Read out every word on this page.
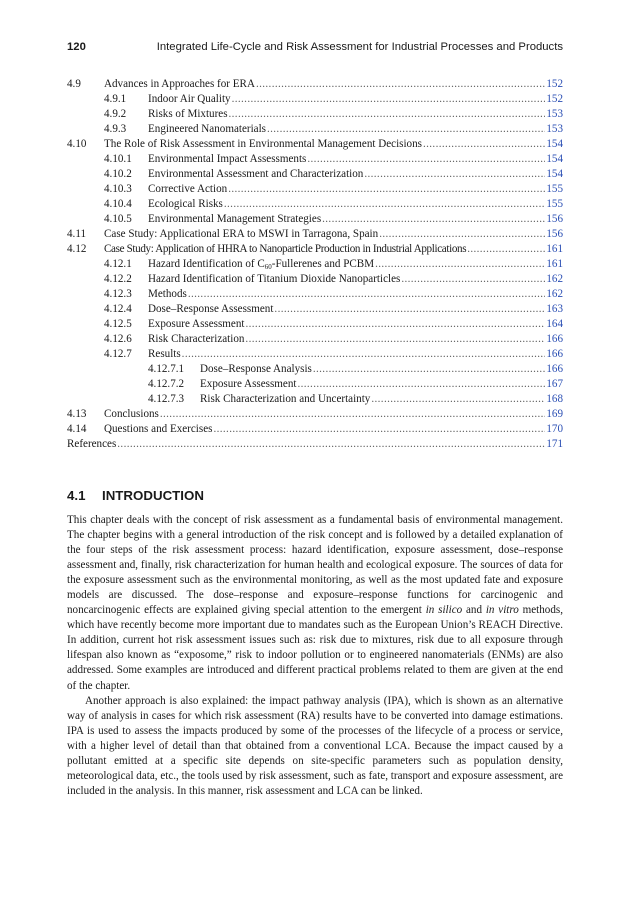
120	Integrated Life-Cycle and Risk Assessment for Industrial Processes and Products
4.9	Advances in Approaches for ERA . . .	152
4.9.1	Indoor Air Quality . . .	152
4.9.2	Risks of Mixtures . . .	153
4.9.3	Engineered Nanomaterials . . .	153
4.10	The Role of Risk Assessment in Environmental Management Decisions . . .	154
4.10.1	Environmental Impact Assessments . . .	154
4.10.2	Environmental Assessment and Characterization . . .	154
4.10.3	Corrective Action . . .	155
4.10.4	Ecological Risks . . .	155
4.10.5	Environmental Management Strategies . . .	156
4.11	Case Study: Applicational ERA to MSWI in Tarragona, Spain . . .	156
4.12	Case Study: Application of HHRA to Nanoparticle Production in Industrial Applications . . .	161
4.12.1	Hazard Identification of $C_{60}$-Fullerenes and PCBM . . .	161
4.12.2	Hazard Identification of Titanium Dioxide Nanoparticles . . .	162
4.12.3	Methods . . .	162
4.12.4	Dose–Response Assessment . . .	163
4.12.5	Exposure Assessment . . .	164
4.12.6	Risk Characterization . . .	166
4.12.7	Results . . .	166
4.12.7.1	Dose–Response Analysis . . .	166
4.12.7.2	Exposure Assessment . . .	167
4.12.7.3	Risk Characterization and Uncertainty . . .	168
4.13	Conclusions . . .	169
4.14	Questions and Exercises . . .	170
References . . .	171
4.1 INTRODUCTION

This chapter deals with the concept of risk assessment as a fundamental basis of environmental management. The chapter begins with a general introduction of the risk concept and is followed by a detailed explanation of the four steps of the risk assessment process: hazard identification, exposure assessment, dose–response assessment and, finally, risk characterization for human health and ecological exposure. The sources of data for the exposure assessment such as the environmental monitoring, as well as the most updated fate and exposure models are discussed. The dose–response and exposure–response functions for carcinogenic and noncarcinogenic effects are explained giving special attention to the emergent in silico and in vitro methods, which have recently become more important due to mandates such as the European Union’s REACH Directive. In addition, current hot risk assessment issues such as: risk due to mixtures, risk due to all exposure through lifespan also known as “exposome,” risk to indoor pollution or to engineered nanomaterials (ENMs) are also addressed. Some examples are introduced and different practical problems related to them are given at the end of the chapter.

Another approach is also explained: the impact pathway analysis (IPA), which is shown as an alternative way of analysis in cases for which risk assessment (RA) results have to be converted into damage estimations. IPA is used to assess the impacts produced by some of the processes of the lifecycle of a process or service, with a higher level of detail than that obtained from a conventional LCA. Because the impact caused by a pollutant emitted at a specific site depends on site-specific parameters such as population density, meteorological data, etc., the tools used by risk assessment, such as fate, transport and exposure assessment, are included in the analysis. In this manner, risk assessment and LCA can be linked.
